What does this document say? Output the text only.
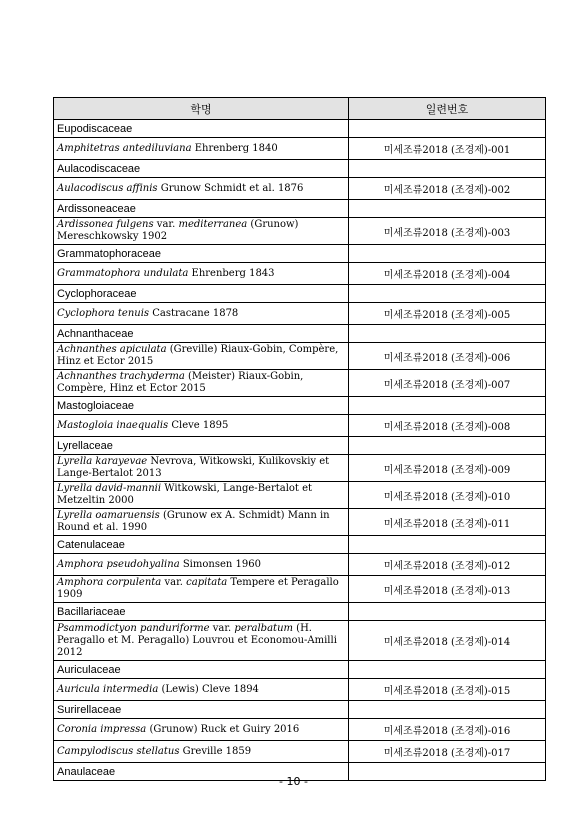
학명	일련번호
Eupodiscaceae	
Amphitetras antediluviana Ehrenberg 1840	미세조류2018 (조경제)-001
Aulacodiscaceae	
Aulacodiscus affinis Grunow Schmidt et al. 1876	미세조류2018 (조경제)-002
Ardissoneaceae	
Ardissonea fulgens var. mediterranea (Grunow) Mereschkowsky 1902	미세조류2018 (조경제)-003
Grammatophoraceae	
Grammatophora undulata Ehrenberg 1843	미세조류2018 (조경제)-004
Cyclophoraceae	
Cyclophora tenuis Castracane 1878	미세조류2018 (조경제)-005
Achnanthaceae	
Achnanthes apiculata (Greville) Riaux-Gobin, Compère, Hinz et Ector 2015	미세조류2018 (조경제)-006
Achnanthes trachyderma (Meister) Riaux-Gobin, Compère, Hinz et Ector 2015	미세조류2018 (조경제)-007
Mastogloiaceae	
Mastogloia inaequalis Cleve 1895	미세조류2018 (조경제)-008
Lyrellaceae	
Lyrella karayevae Nevrova, Witkowski, Kulikovskiy et Lange-Bertalot 2013	미세조류2018 (조경제)-009
Lyrella david-mannii Witkowski, Lange-Bertalot et Metzeltin 2000	미세조류2018 (조경제)-010
Lyrella oamaruensis (Grunow ex A. Schmidt) Mann in Round et al. 1990	미세조류2018 (조경제)-011
Catenulaceae	
Amphora pseudohyalina Simonsen 1960	미세조류2018 (조경제)-012
Amphora corpulenta var. capitata Tempere et Peragallo 1909	미세조류2018 (조경제)-013
Bacillariaceae	
Psammodictyon panduriforme var. peralbatum (H. Peragallo et M. Peragallo) Louvrou et Economou-Amilli 2012	미세조류2018 (조경제)-014
Auriculaceae	
Auricula intermedia (Lewis) Cleve 1894	미세조류2018 (조경제)-015
Surirellaceae	
Coronia impressa (Grunow) Ruck et Guiry 2016	미세조류2018 (조경제)-016
Campylodiscus stellatus Greville 1859	미세조류2018 (조경제)-017
Anaulaceae	
- 10 -
